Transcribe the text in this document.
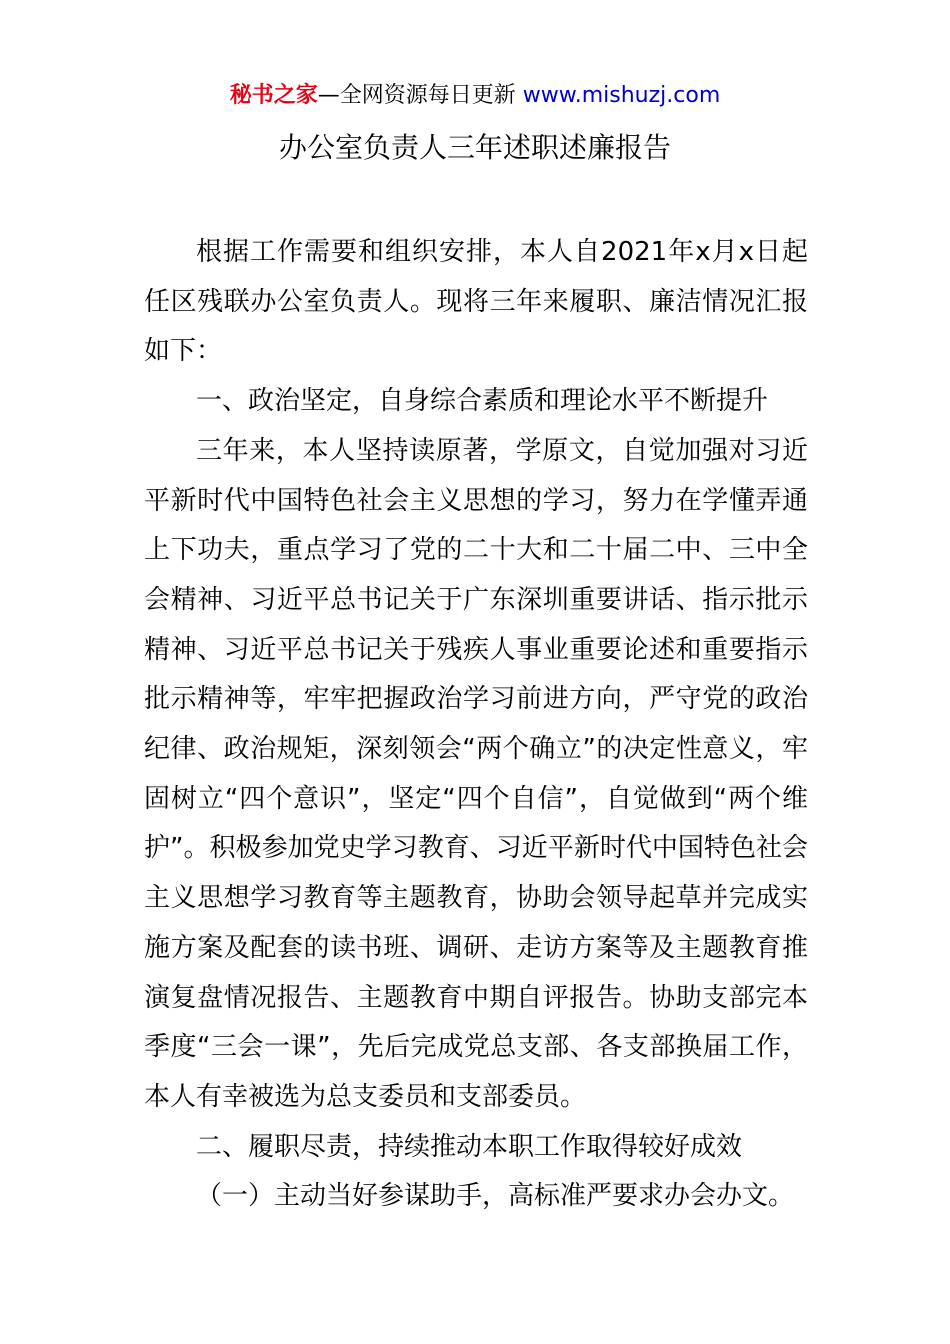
秘书之家—全网资源每日更新 www.mishuzj.com
办公室负责人三年述职述廉报告

根据工作需要和组织安排，本人自2021年x月x日起任区残联办公室负责人。现将三年来履职、廉洁情况汇报如下：

一、政治坚定，自身综合素质和理论水平不断提升

三年来，本人坚持读原著，学原文，自觉加强对习近平新时代中国特色社会主义思想的学习，努力在学懂弄通上下功夫，重点学习了党的二十大和二十届二中、三中全会精神、习近平总书记关于广东深圳重要讲话、指示批示精神、习近平总书记关于残疾人事业重要论述和重要指示批示精神等，牢牢把握政治学习前进方向，严守党的政治纪律、政治规矩，深刻领会“两个确立”的决定性意义，牢固树立“四个意识”，坚定“四个自信”，自觉做到“两个维护”。积极参加党史学习教育、习近平新时代中国特色社会主义思想学习教育等主题教育，协助会领导起草并完成实施方案及配套的读书班、调研、走访方案等及主题教育推演复盘情况报告、主题教育中期自评报告。协助支部完本季度“三会一课”，先后完成党总支部、各支部换届工作，本人有幸被选为总支委员和支部委员。

二、履职尽责，持续推动本职工作取得较好成效

（一）主动当好参谋助手，高标准严要求办会办文。
